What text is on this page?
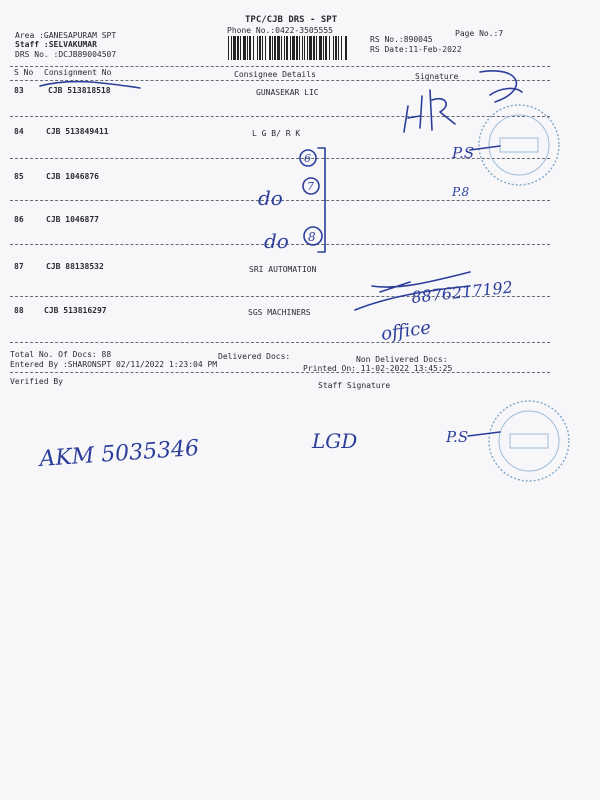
TPC/CJB DRS - SPT
Phone No.:0422-3505555
Area :GANESAPURAM SPT
Staff :SELVAKUMAR
DRS No. :DCJB89004507
RS No.:890045
RS Date:11-Feb-2022
Page No.:7
S No Consignment No	Consignee Details	Signature
83	CJB 513818518	GUNASEKAR LIC
84	CJB 513849411	L G B/ R K
85	CJB 1046876
86	CJB 1046877
87	CJB 88138532	SRI AUTOMATION
88	CJB 513816297	SGS MACHINERS
Total No. Of Docs: 88	Delivered Docs:	Non Delivered Docs:
Entered By :SHARONSPT 02/11/2022 1:23:04 PM	Printed On: 11-02-2022 13:45:25
Verified By	Staff Signature
6
7
8
do
do
P.S
P.8
8876217192
office
AKM 5035346	LGD	P.S
